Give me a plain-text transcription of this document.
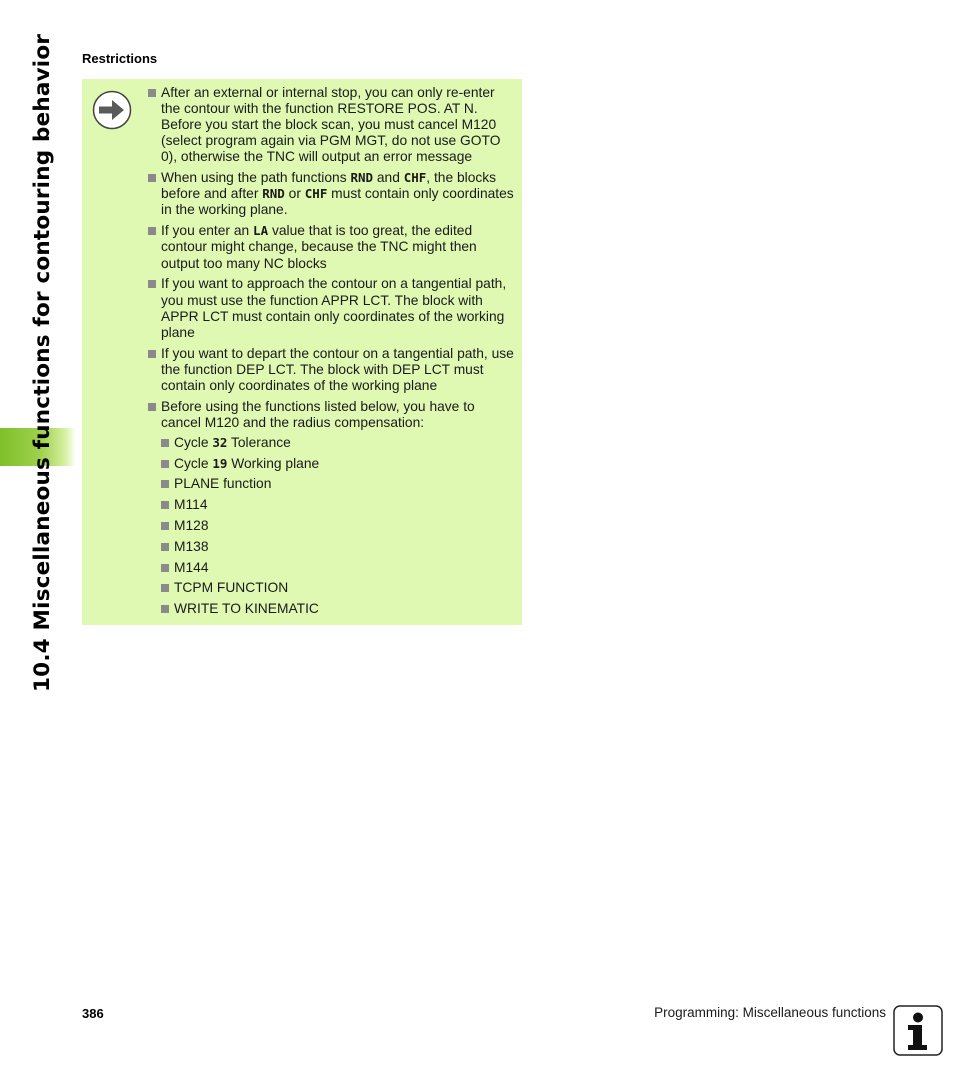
10.4 Miscellaneous functions for contouring behavior Restrictions
After an external or internal stop, you can only re-enter the contour with the function RESTORE POS. AT N. Before you start the block scan, you must cancel M120 (select program again via PGM MGT, do not use GOTO 0), otherwise the TNC will output an error message
When using the path functions RND and CHF, the blocks before and after RND or CHF must contain only coordinates in the working plane.
If you enter an LA value that is too great, the edited contour might change, because the TNC might then output too many NC blocks
If you want to approach the contour on a tangential path, you must use the function APPR LCT. The block with APPR LCT must contain only coordinates of the working plane
If you want to depart the contour on a tangential path, use the function DEP LCT. The block with DEP LCT must contain only coordinates of the working plane
Before using the functions listed below, you have to cancel M120 and the radius compensation:
Cycle 32 Tolerance
Cycle 19 Working plane
PLANE function
M114
M128
M138
M144
TCPM FUNCTION
WRITE TO KINEMATIC
386	Programming: Miscellaneous functions
